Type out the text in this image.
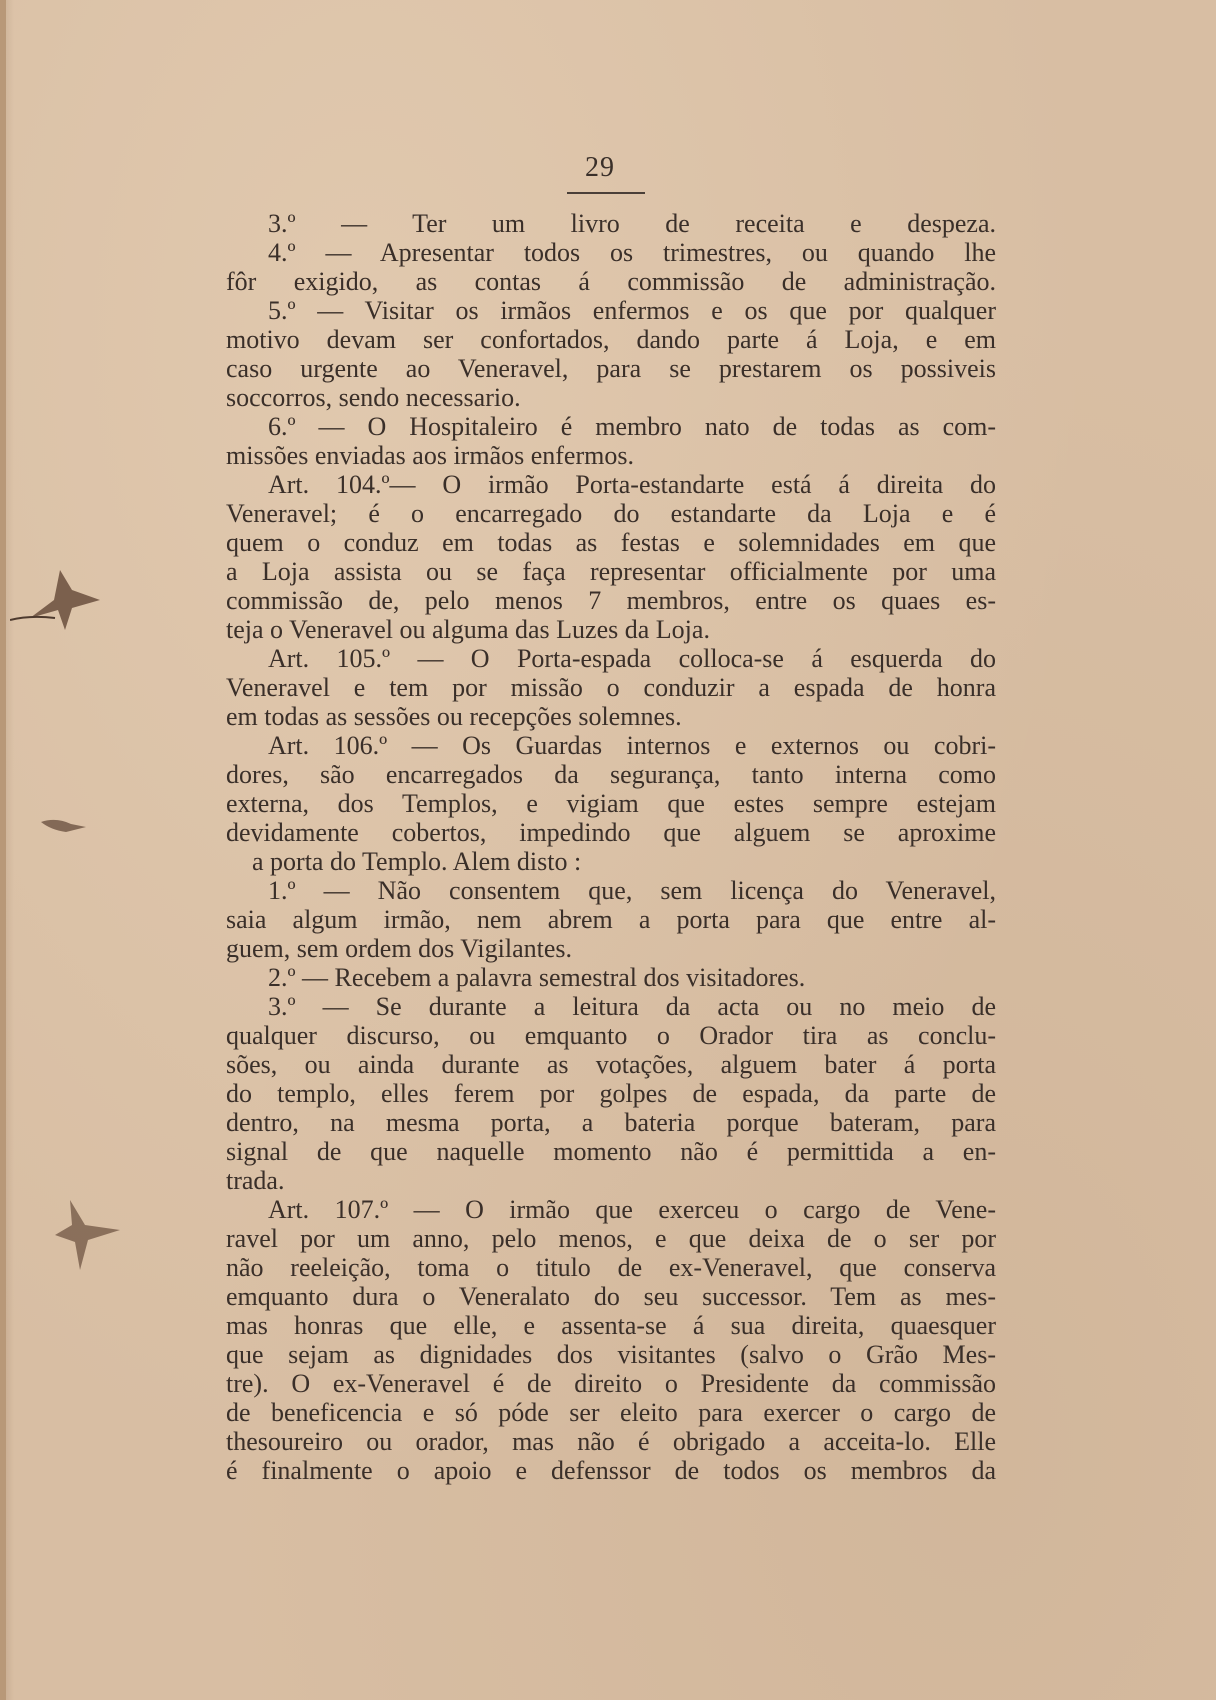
29
3.º — Ter um livro de receita e despeza.
4.º — Apresentar todos os trimestres, ou quando lhe
fôr exigido, as contas á commissão de administração.
5.º — Visitar os irmãos enfermos e os que por qualquer
motivo devam ser confortados, dando parte á Loja, e em
caso urgente ao Veneravel, para se prestarem os possiveis
soccorros, sendo necessario.
6.º — O Hospitaleiro é membro nato de todas as com-
missões enviadas aos irmãos enfermos.
Art. 104.º— O irmão Porta-estandarte está á direita do
Veneravel; é o encarregado do estandarte da Loja e é
quem o conduz em todas as festas e solemnidades em que
a Loja assista ou se faça representar officialmente por uma
commissão de, pelo menos 7 membros, entre os quaes es-
teja o Veneravel ou alguma das Luzes da Loja.
Art. 105.º — O Porta-espada colloca-se á esquerda do
Veneravel e tem por missão o conduzir a espada de honra
em todas as sessões ou recepções solemnes.
Art. 106.º — Os Guardas internos e externos ou cobri-
dores, são encarregados da segurança, tanto interna como
externa, dos Templos, e vigiam que estes sempre estejam
devidamente cobertos, impedindo que alguem se aproxime
a porta do Templo. Alem disto :
1.º — Não consentem que, sem licença do Veneravel,
saia algum irmão, nem abrem a porta para que entre al-
guem, sem ordem dos Vigilantes.
2.º — Recebem a palavra semestral dos visitadores.
3.º — Se durante a leitura da acta ou no meio de
qualquer discurso, ou emquanto o Orador tira as conclu-
sões, ou ainda durante as votações, alguem bater á porta
do templo, elles ferem por golpes de espada, da parte de
dentro, na mesma porta, a bateria porque bateram, para
signal de que naquelle momento não é permittida a en-
trada.
Art. 107.º — O irmão que exerceu o cargo de Vene-
ravel por um anno, pelo menos, e que deixa de o ser por
não reeleição, toma o titulo de ex-Veneravel, que conserva
emquanto dura o Veneralato do seu successor. Tem as mes-
mas honras que elle, e assenta-se á sua direita, quaesquer
que sejam as dignidades dos visitantes (salvo o Grão Mes-
tre). O ex-Veneravel é de direito o Presidente da commissão
de beneficencia e só póde ser eleito para exercer o cargo de
thesoureiro ou orador, mas não é obrigado a acceita-lo. Elle
é finalmente o apoio e defenssor de todos os membros da
